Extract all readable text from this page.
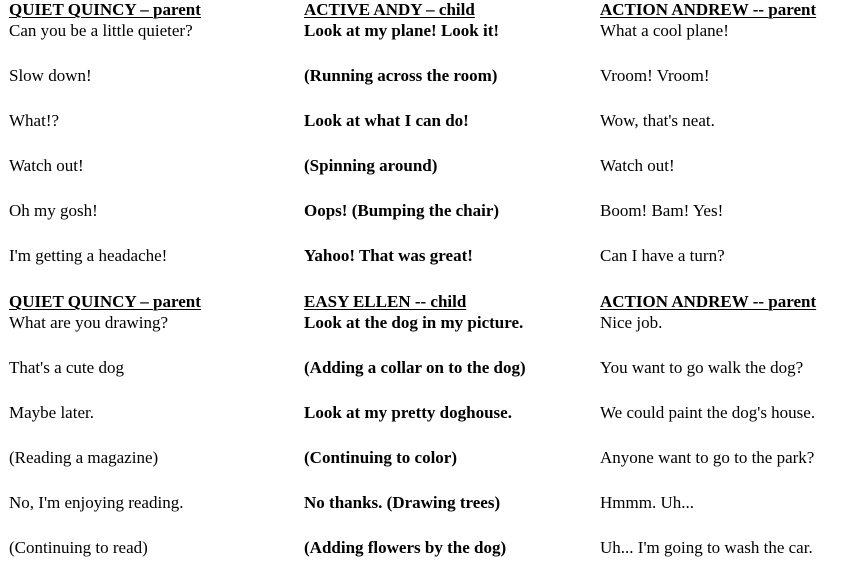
QUIET QUINCY – parent
Can you be a little quieter?
Slow down!
What!?
Watch out!
Oh my gosh!
I'm getting a headache!
QUIET QUINCY – parent
What are you drawing?
That's a cute dog
Maybe later.
(Reading a magazine)
No, I'm enjoying reading.
(Continuing to read)
ACTIVE ANDY – child
Look at my plane! Look it!
(Running across the room)
Look at what I can do!
(Spinning around)
Oops! (Bumping the chair)
Yahoo! That was great!
EASY ELLEN -- child
Look at the dog in my picture.
(Adding a collar on to the dog)
Look at my pretty doghouse.
(Continuing to color)
No thanks. (Drawing trees)
(Adding flowers by the dog)
ACTION ANDREW -- parent
What a cool plane!
Vroom! Vroom!
Wow, that's neat.
Watch out!
Boom! Bam! Yes!
Can I have a turn?
ACTION ANDREW -- parent
Nice job.
You want to go walk the dog?
We could paint the dog's house.
Anyone want to go to the park?
Hmmm. Uh...
Uh... I'm going to wash the car.
